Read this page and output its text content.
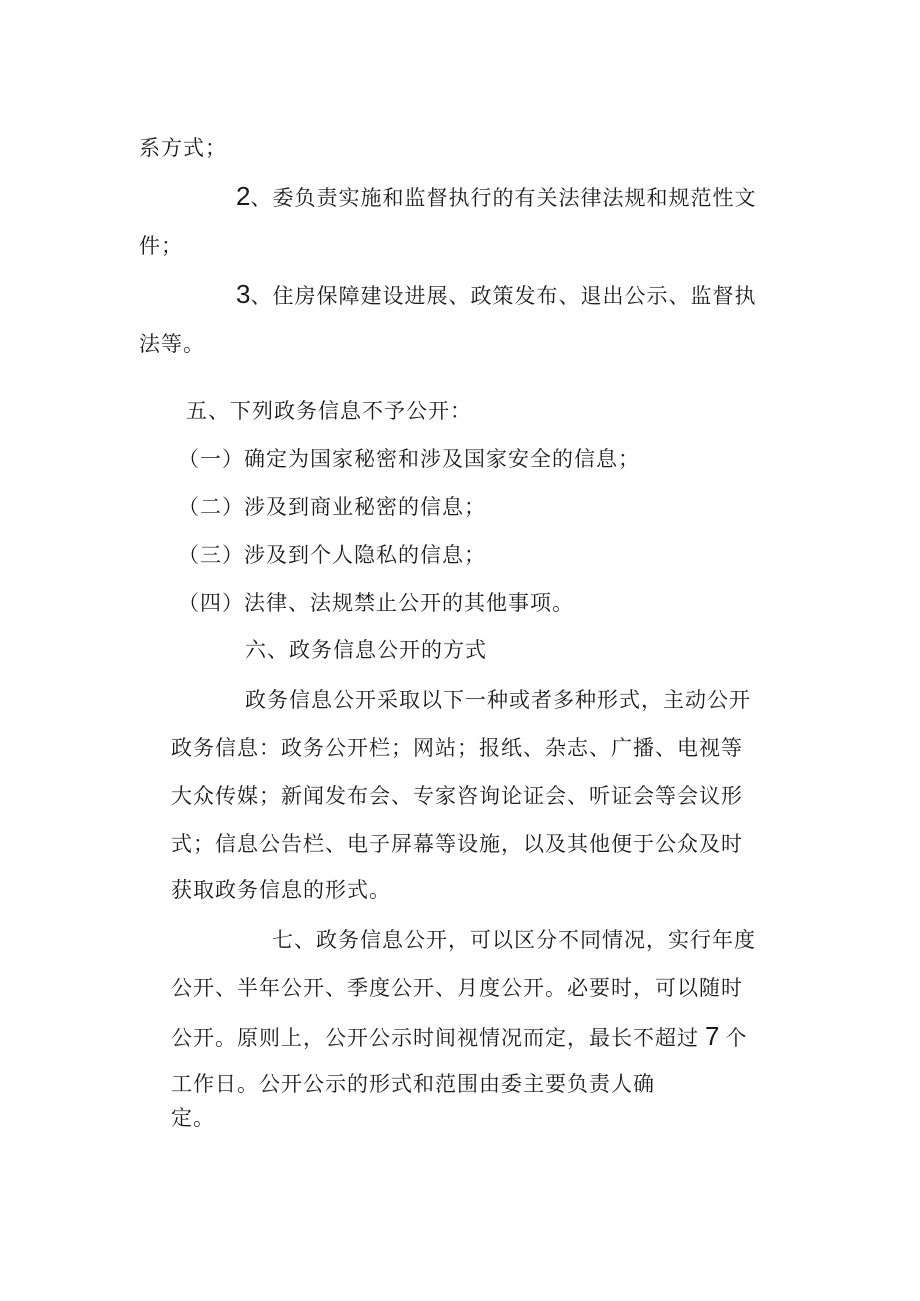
系方式；
2、委负责实施和监督执行的有关法律法规和规范性文
件；
3、住房保障建设进展、政策发布、退出公示、监督执
法等。
五、下列政务信息不予公开：
（一）确定为国家秘密和涉及国家安全的信息；
（二）涉及到商业秘密的信息；
（三）涉及到个人隐私的信息；
（四）法律、法规禁止公开的其他事项。
六、政务信息公开的方式
政务信息公开采取以下一种或者多种形式，主动公开
政务信息：政务公开栏；网站；报纸、杂志、广播、电视等
大众传媒；新闻发布会、专家咨询论证会、听证会等会议形
式；信息公告栏、电子屏幕等设施，以及其他便于公众及时
获取政务信息的形式。
七、政务信息公开，可以区分不同情况，实行年度
公开、半年公开、季度公开、月度公开。必要时，可以随时
公开。原则上，公开公示时间视情况而定，最长不超过 7 个
工作日。公开公示的形式和范围由委主要负责人确
定。
